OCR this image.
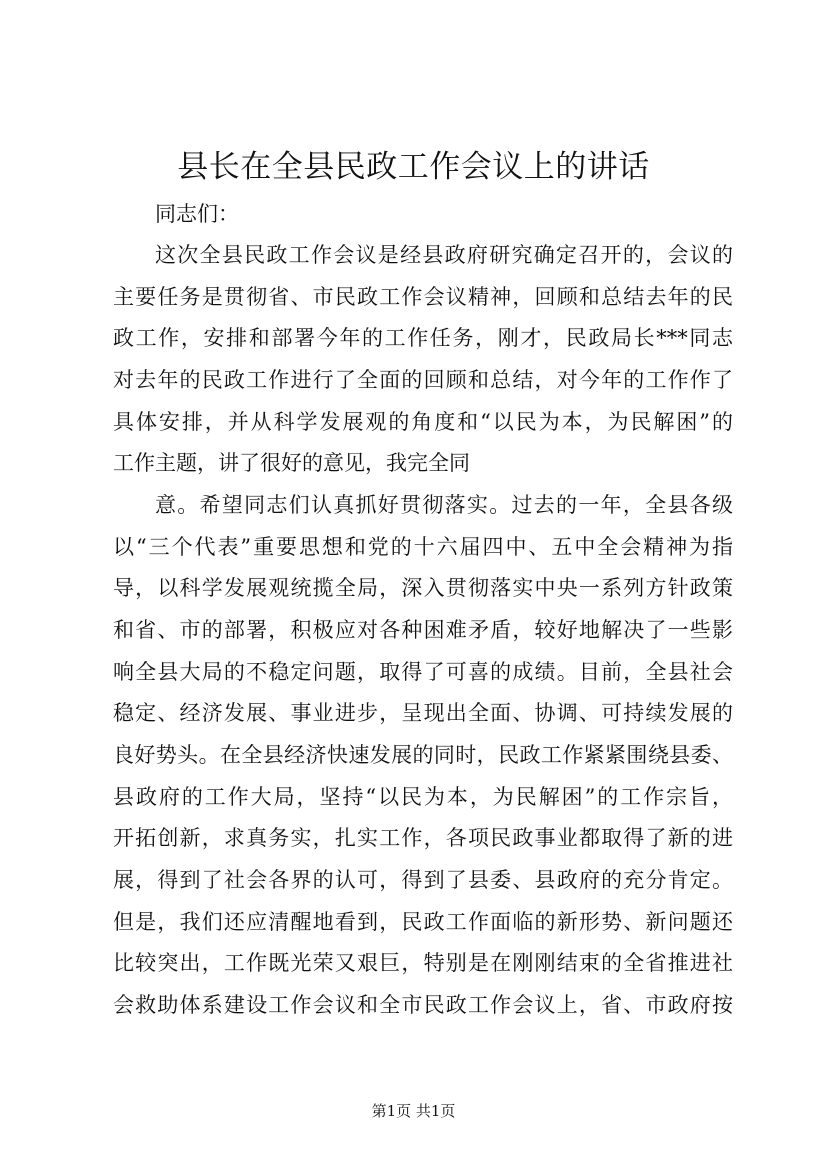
县长在全县民政工作会议上的讲话

同志们：

这次全县民政工作会议是经县政府研究确定召开的，会议的

主要任务是贯彻省、市民政工作会议精神，回顾和总结去年的民

政工作，安排和部署今年的工作任务，刚才，民政局长***同志

对去年的民政工作进行了全面的回顾和总结，对今年的工作作了

具体安排，并从科学发展观的角度和“以民为本，为民解困”的

工作主题，讲了很好的意见，我完全同

意。希望同志们认真抓好贯彻落实。过去的一年，全县各级

以“三个代表”重要思想和党的十六届四中、五中全会精神为指

导，以科学发展观统揽全局，深入贯彻落实中央一系列方针政策

和省、市的部署，积极应对各种困难矛盾，较好地解决了一些影

响全县大局的不稳定问题，取得了可喜的成绩。目前，全县社会

稳定、经济发展、事业进步，呈现出全面、协调、可持续发展的

良好势头。在全县经济快速发展的同时，民政工作紧紧围绕县委、

县政府的工作大局，坚持“以民为本，为民解困”的工作宗旨，

开拓创新，求真务实，扎实工作，各项民政事业都取得了新的进

展，得到了社会各界的认可，得到了县委、县政府的充分肯定。

但是，我们还应清醒地看到，民政工作面临的新形势、新问题还

比较突出，工作既光荣又艰巨，特别是在刚刚结束的全省推进社

会救助体系建设工作会议和全市民政工作会议上，省、市政府按

第1页 共1页
